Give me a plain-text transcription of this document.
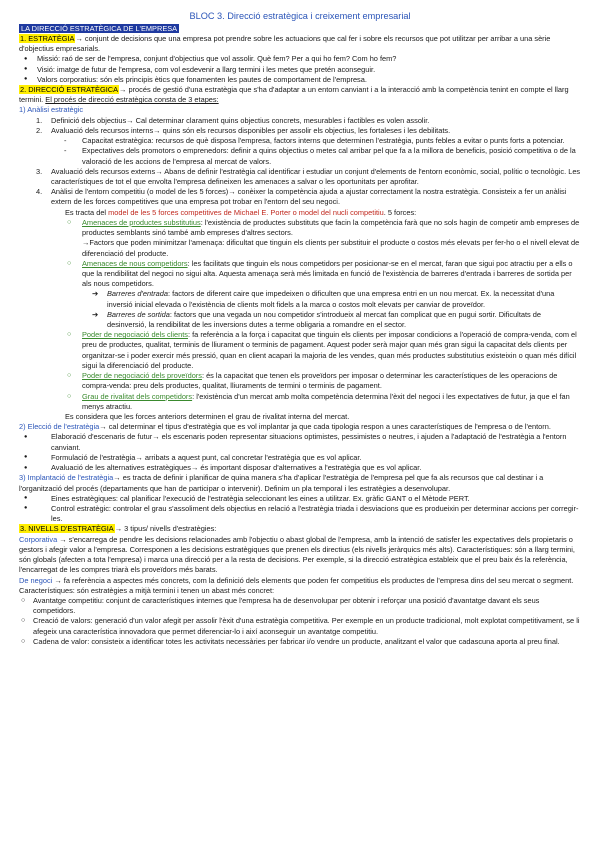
BLOC 3. Direcció estratègica i creixement empresarial

LA DIRECCIÓ ESTRATÈGICA DE L'EMPRESA

1. ESTRATÈGIA→ conjunt de decisions que una empresa pot prendre sobre les actuacions que cal fer i sobre els recursos que pot utilitzar per arribar a una sèrie d'objectius empresarials.

● Missió: raó de ser de l'empresa, conjunt d'objectius que vol assolir. Què fem? Per a qui ho fem? Com ho fem?
● Visió: imatge de futur de l'empresa, com vol esdevenir a llarg termini i les metes que pretén aconseguir.
● Valors corporatius: són els principis ètics que fonamenten les pautes de comportament de l'empresa.

2. DIRECCIÓ ESTRATÈGICA→ procés de gestió d'una estratègia que s'ha d'adaptar a un entorn canviant i a la interacció amb la competència tenint en compte el llarg termini. El procés de direcció estratègica consta de 3 etapes:

1) Anàlisi estratègic

1. Definició dels objectius→ Cal determinar clarament quins objectius concrets, mesurables i factibles es volen assolir.
2. Avaluació dels recursos interns→ quins són els recursos disponibles per assolir els objectius, les fortaleses i les debilitats.
- Capacitat estratègica: recursos de què disposa l'empresa, factors interns que determinen l'estratègia, punts febles a evitar o punts forts a potenciar.
- Expectatives dels promotors o emprenedors: definir a quins objectius o metes cal arribar pel que fa a la millora de beneficis, posició competitiva o de la valoració de les accions de l'empresa al mercat de valors.
3. Avaluació dels recursos externs→ Abans de definir l'estratègia cal identificar i estudiar un conjunt d'elements de l'entorn econòmic, social, polític o tecnològic. Les característiques de tot el que envolta l'empresa defineixen les amenaces a salvar o les oportunitats per aprofitar.
4. Anàlisi de l'entorn competitiu (o model de les 5 forces)→ conèixer la competència ajuda a ajustar correctament la nostra estratègia. Consisteix a fer un anàlisi extern de les forces competitives que una empresa pot trobar en l'entorn del seu negoci.

Es tracta del model de les 5 forces competitives de Michael E. Porter o model del nucli competitiu. 5 forces:

○ Amenaces de productes substitutius: l'existència de productes substituts que facin la competència farà que no sols hagin de competir amb empreses de productes semblants sinó també amb empreses d'altres sectors.

→Factors que poden minimitzar l'amenaça: dificultat que tinguin els clients per substituir el producte o costos més elevats per fer-ho o el nivell elevat de diferenciació del producte.

○ Amenaces de nous competidors: les facilitats que tinguin els nous competidors per posicionar-se en el mercat, faran que sigui poc atractiu per a ells o que la rendibilitat del negoci no sigui alta. Aquesta amenaça serà més limitada en funció de l'existència de barreres d'entrada i barreres de sortida per als nous competidors.
➔ Barreres d'entrada: factors de diferent caire que impedeixen o dificulten que una empresa entri en un nou mercat. Ex. la necessitat d'una inversió inicial elevada o l'existència de clients molt fidels a la marca o costos molt elevats per canviar de proveïdor.
➔ Barreres de sortida: factors que una vegada un nou competidor s'introdueix al mercat fan complicat que en pugui sortir. Dificultats de desinversió, la rendibilitat de les inversions dutes a terme obligaria a romandre en el sector.
○ Poder de negociació dels clients: fa referència a la força i capacitat que tinguin els clients per imposar condicions a l'operació de compra-venda, com el preu de productes, qualitat, terminis de lliurament o terminis de pagament. Aquest poder serà major quan més gran sigui la capacitat dels clients per organitzar-se i poder exercir més pressió, quan en client acapari la majoria de les vendes, quan més productes substitutius existeixin o quan més difícil sigui la diferenciació del producte.
○ Poder de negociació dels proveïdors: és la capacitat que tenen els proveïdors per imposar o determinar les característiques de les operacions de compra-venda: preu dels productes, qualitat, lliuraments de termini o terminis de pagament.
○ Grau de rivalitat dels competidors: l'existència d'un mercat amb molta competència determina l'èxit del negoci i les expectatives de futur, ja que el fan menys atractiu.

Es considera que les forces anteriors determinen el grau de rivalitat interna del mercat.

2) Elecció de l'estratègia→ cal determinar el tipus d'estratègia que es vol implantar ja que cada tipologia respon a unes característiques de l'empresa o de l'entorn.

● Elaboració d'escenaris de futur→ els escenaris poden representar situacions optimistes, pessimistes o neutres, i ajuden a l'adaptació de l'estratègia a l'entorn canviant.
● Formulació de l'estratègia→ arribats a aquest punt, cal concretar l'estratègia que es vol aplicar.
● Avaluació de les alternatives estratègiques→ és important disposar d'alternatives a l'estratègia que es vol aplicar.

3) Implantació de l'estratègia→ es tracta de definir i planificar de quina manera s'ha d'aplicar l'estratègia de l'empresa pel que fa als recursos que cal destinar i a l'organització del procés (departaments que han de participar o intervenir). Definim un pla temporal i les estratègies a desenvolupar.

● Eines estratègiques: cal planificar l'execució de l'estratègia seleccionant les eines a utilitzar. Ex. gràfic GANT o el Mètode PERT.
● Control estratègic: controlar el grau s'assoliment dels objectius en relació a l'estratègia triada i desviacions que es produeixin per determinar accions per corregir-les.

3. NIVELLS D'ESTRATÈGIA→ 3 tipus/ nivells d'estratègies:

Corporativa → s'encarrega de pendre les decisions relacionades amb l'objectiu o abast global de l'empresa, amb la intenció de satisfer les expectatives dels propietaris o gestors i afegir valor a l'empresa. Corresponen a les decisions estratègiques que prenen els directius (els nivells jeràrquics més alts). Característiques: són a llarg termini, són globals (afecten a tota l'empresa) i marca una direcció per a la resta de decisions. Per exemple, si la direcció estratègica estableix que el preu baix és la referència, l'encarregat de les compres triarà els proveïdors més barats.

De negoci → fa referència a aspectes més concrets, com la definició dels elements que poden fer competitius els productes de l'empresa dins del seu mercat o segment. Característiques: són estratègies a mitjà termini i tenen un abast més concret:

○ Avantatge competitiu: conjunt de característiques internes que l'empresa ha de desenvolupar per obtenir i reforçar una posició d'avantatge davant els seus competidors.
○ Creació de valors: generació d'un valor afegit per assolir l'èxit d'una estratègia competitiva. Per exemple en un producte tradicional, molt explotat competitivament, se li afegeix una característica innovadora que permet diferenciar-lo i així aconseguir un avantatge competitiu.
○ Cadena de valor: consisteix a identificar totes les activitats necessàries per fabricar i/o vendre un producte, analitzant el valor que cadascuna aporta al preu final.
